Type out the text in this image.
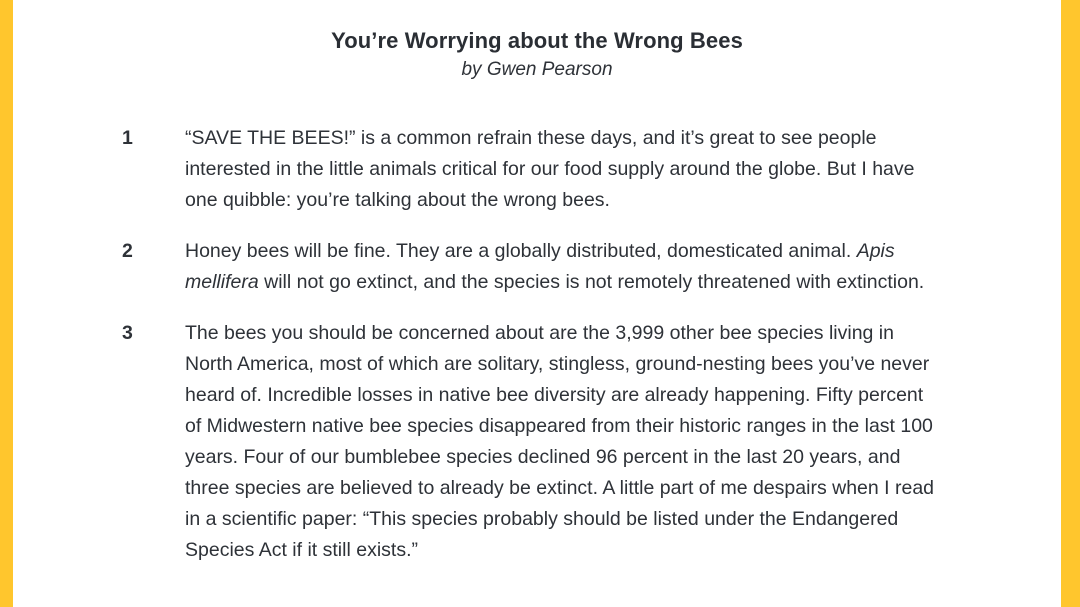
You’re Worrying about the Wrong Bees
by Gwen Pearson
1	“SAVE THE BEES!” is a common refrain these days, and it’s great to see people interested in the little animals critical for our food supply around the globe. But I have one quibble: you’re talking about the wrong bees.
2	Honey bees will be fine. They are a globally distributed, domesticated animal. Apis mellifera will not go extinct, and the species is not remotely threatened with extinction.
3	The bees you should be concerned about are the 3,999 other bee species living in North America, most of which are solitary, stingless, ground-nesting bees you’ve never heard of. Incredible losses in native bee diversity are already happening. Fifty percent of Midwestern native bee species disappeared from their historic ranges in the last 100 years. Four of our bumblebee species declined 96 percent in the last 20 years, and three species are believed to already be extinct. A little part of me despairs when I read in a scientific paper: “This species probably should be listed under the Endangered Species Act if it still exists.”
